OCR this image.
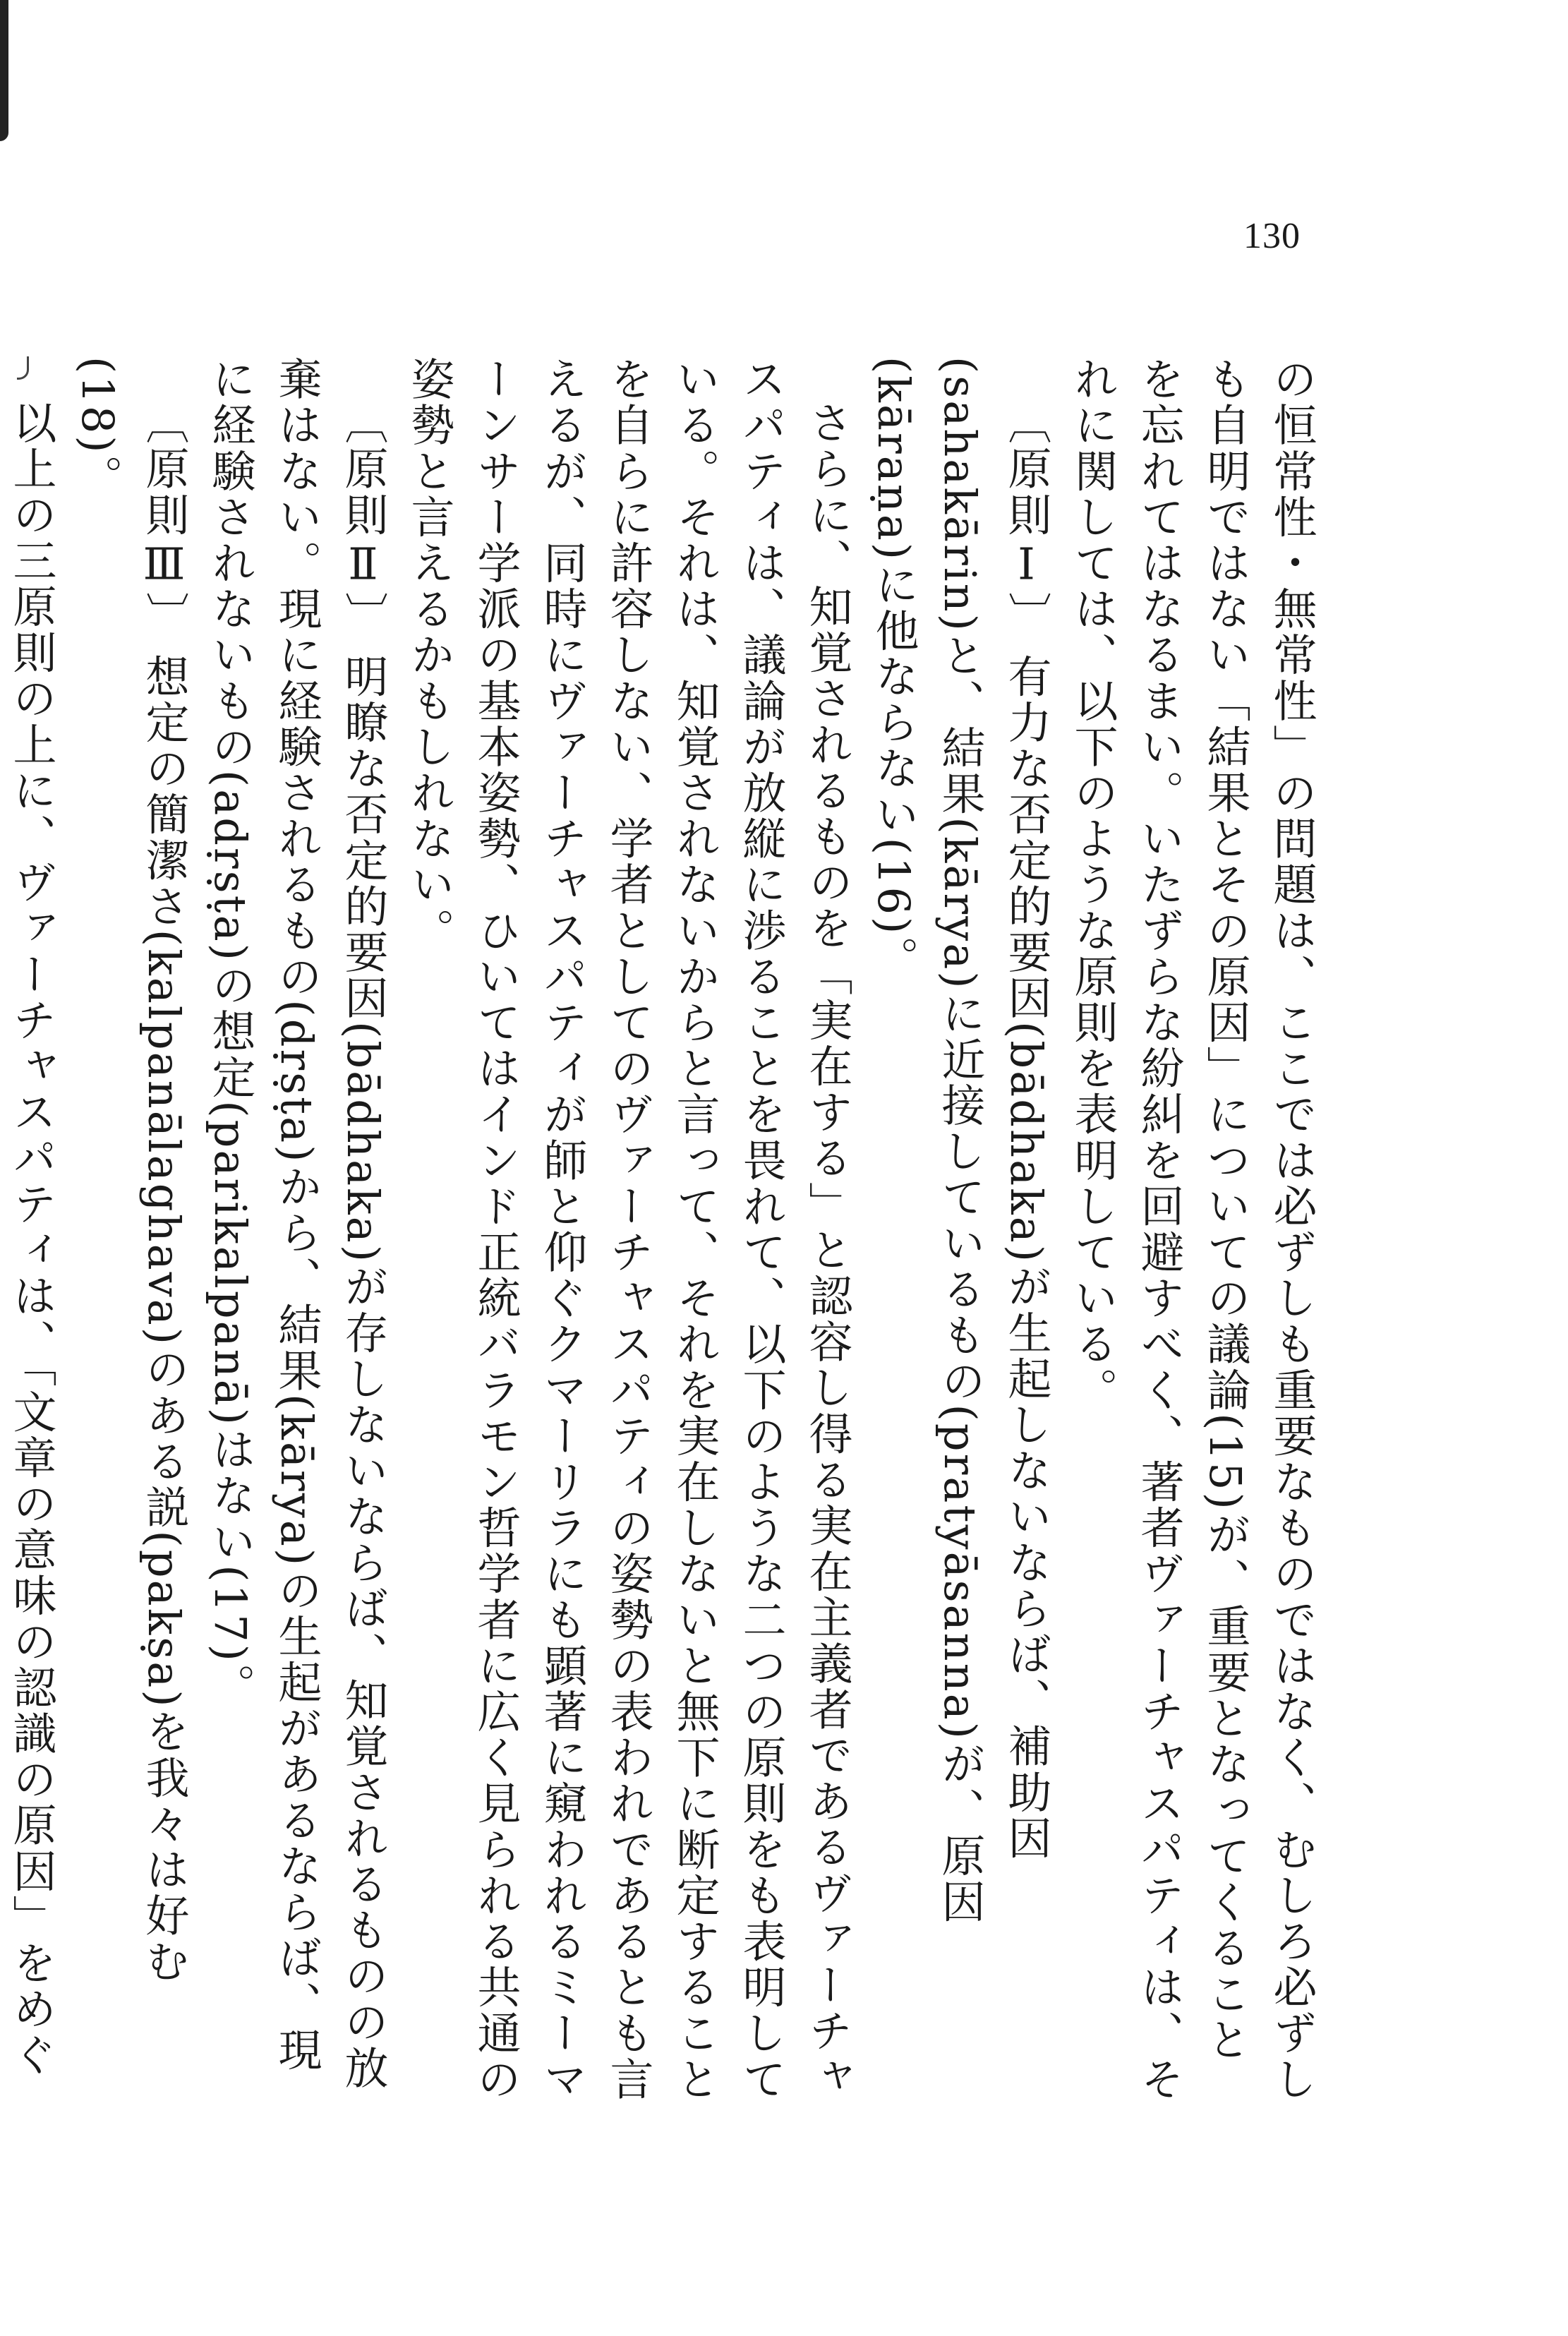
130

の恒常性・無常性」の問題は、ここでは必ずしも重要なものではなく、むしろ必ずしも自明ではない「結果とその原因」についての議論(15)が、重要となってくることを忘れてはなるまい。いたずらな紛糾を回避すべく、著者ヴァーチャスパティは、それに関しては、以下のような原則を表明している。

〔原則Ⅰ〕 有力な否定的要因(bādhaka)が生起しないならば、補助因(sahakārin)と、結果(kārya)に近接しているもの(pratyāsanna)が、原因(kāraṇa)に他ならない(16)。

さらに、知覚されるものを「実在する」と認容し得る実在主義者であるヴァーチャスパティは、議論が放縦に渉ることを畏れて、以下のような二つの原則をも表明している。それは、知覚されないからと言って、それを実在しないと無下に断定することを自らに許容しない、学者としてのヴァーチャスパティの姿勢の表われであるとも言えるが、同時にヴァーチャスパティが師と仰ぐクマーリラにも顕著に窺われるミーマーンサー学派の基本姿勢、ひいてはインド正統バラモン哲学者に広く見られる共通の姿勢と言えるかもしれない。

〔原則Ⅱ〕 明瞭な否定的要因(bādhaka)が存しないならば、知覚されるものの放棄はない。現に経験されるもの(dṛṣṭa)から、結果(kārya)の生起があるならば、現に経験されないもの(adṛṣṭa)の想定(parikalpanā)はない(17)。

〔原則Ⅲ〕 想定の簡潔さ(kalpanālaghava)のある説(pakṣa)を我々は好む(18)。

以上の三原則の上に、ヴァーチャスパティは、「文章の意味の認識の原因」をめぐ
